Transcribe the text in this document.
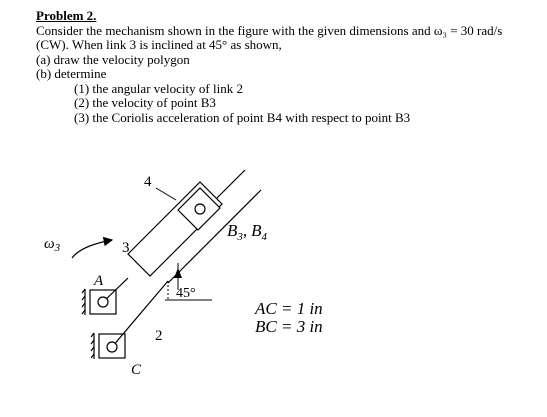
Problem 2.
Consider the mechanism shown in the figure with the given dimensions and ω₃ = 30 rad/s
(CW). When link 3 is inclined at 45° as shown,
(a) draw the velocity polygon
(b) determine
(1) the angular velocity of link 2
(2) the velocity of point B3
(3) the Coriolis acceleration of point B4 with respect to point B3
4
3
2
$\omega_3$
A
C
45°
$B_3$, $B_4$
AC = 1 in
BC = 3 in
